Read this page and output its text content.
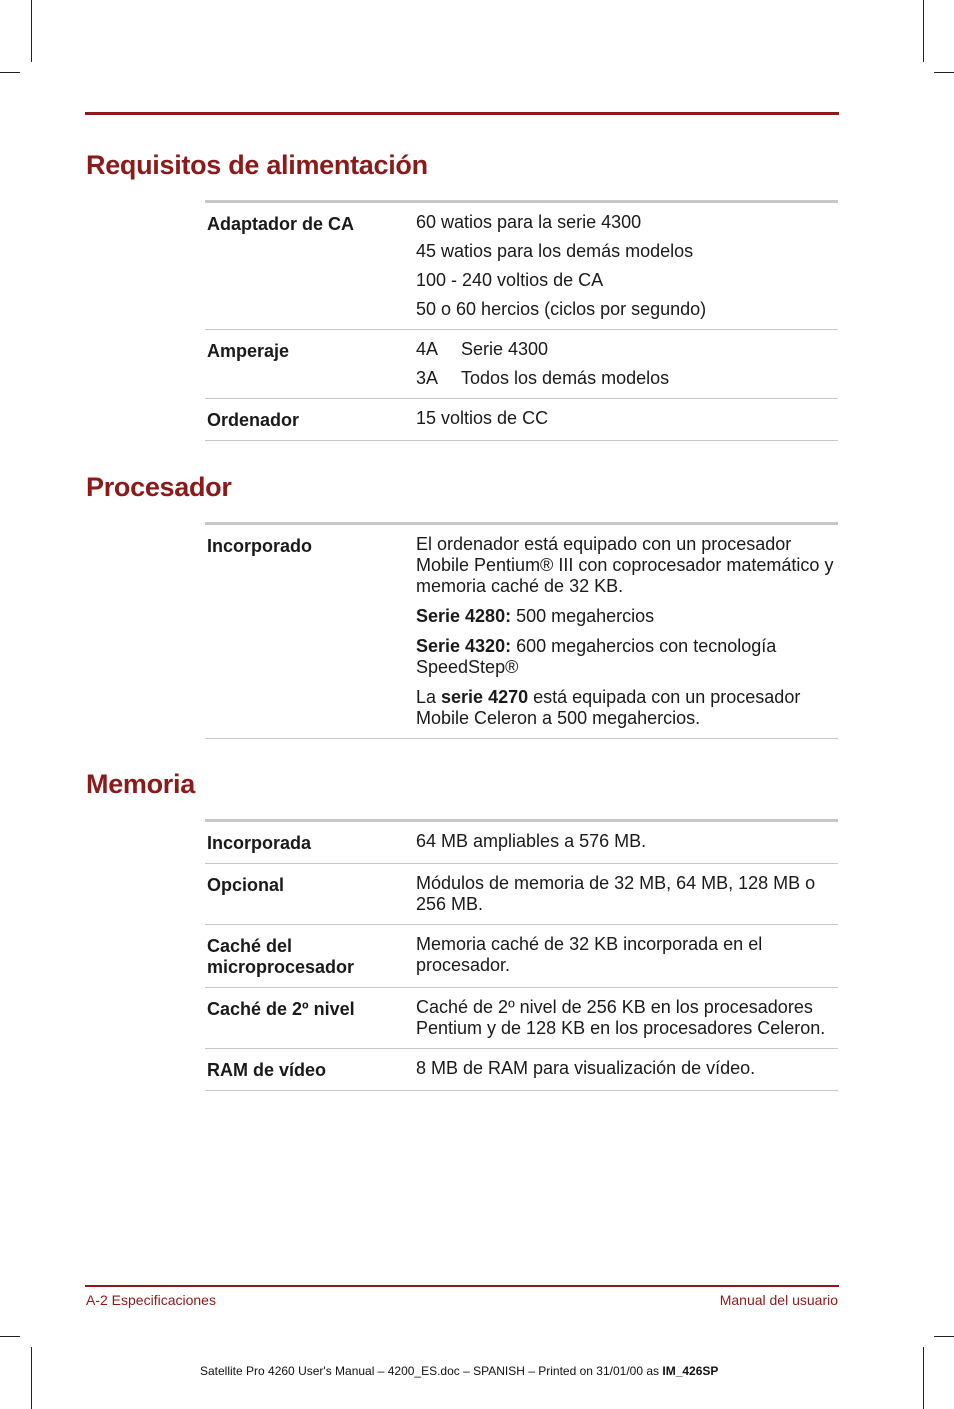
Requisitos de alimentación
Adaptador de CA	60 watios para la serie 4300
45 watios para los demás modelos
100 - 240 voltios de CA
50 o 60 hercios (ciclos por segundo)

Amperaje	4A Serie 4300
3A Todos los demás modelos

Ordenador	15 voltios de CC
Procesador
Incorporado	El ordenador está equipado con un procesador Mobile Pentium® III con coprocesador matemático y memoria caché de 32 KB.
Serie 4280: 500 megahercios
Serie 4320: 600 megahercios con tecnología SpeedStep®
La serie 4270 está equipada con un procesador Mobile Celeron a 500 megahercios.
Memoria
Incorporada	64 MB ampliables a 576 MB.
Opcional	Módulos de memoria de 32 MB, 64 MB, 128 MB o 256 MB.
Caché del microprocesador	Memoria caché de 32 KB incorporada en el procesador.
Caché de 2º nivel	Caché de 2º nivel de 256 KB en los procesadores Pentium y de 128 KB en los procesadores Celeron.
RAM de vídeo	8 MB de RAM para visualización de vídeo.
A-2 Especificaciones	Manual del usuario
Satellite Pro 4260 User's Manual – 4200_ES.doc – SPANISH – Printed on 31/01/00 as IM_426SP
